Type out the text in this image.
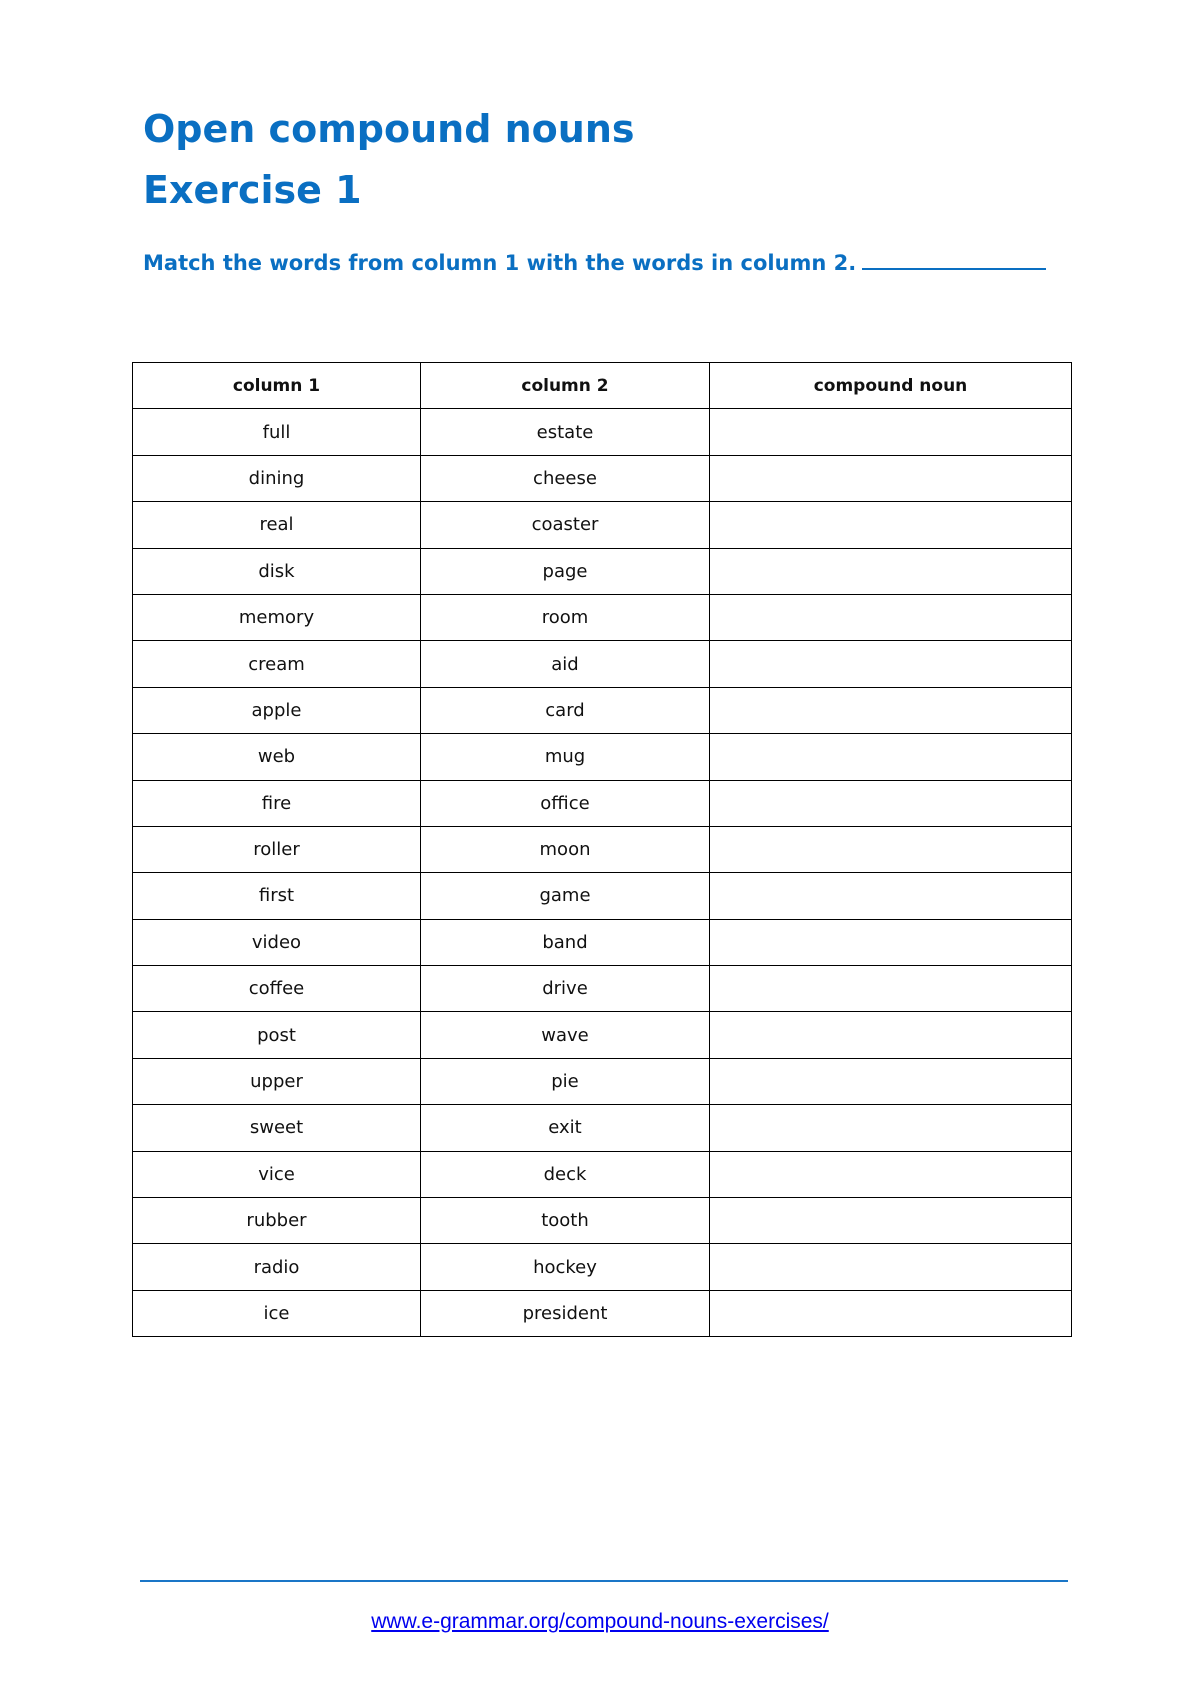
Open compound nouns
Exercise 1

Match the words from column 1 with the words in column 2.

column 1	column 2	compound noun
full	estate	
dining	cheese	
real	coaster	
disk	page	
memory	room	
cream	aid	
apple	card	
web	mug	
fire	office	
roller	moon	
first	game	
video	band	
coffee	drive	
post	wave	
upper	pie	
sweet	exit	
vice	deck	
rubber	tooth	
radio	hockey	
ice	president	
www.e-grammar.org/compound-nouns-exercises/
